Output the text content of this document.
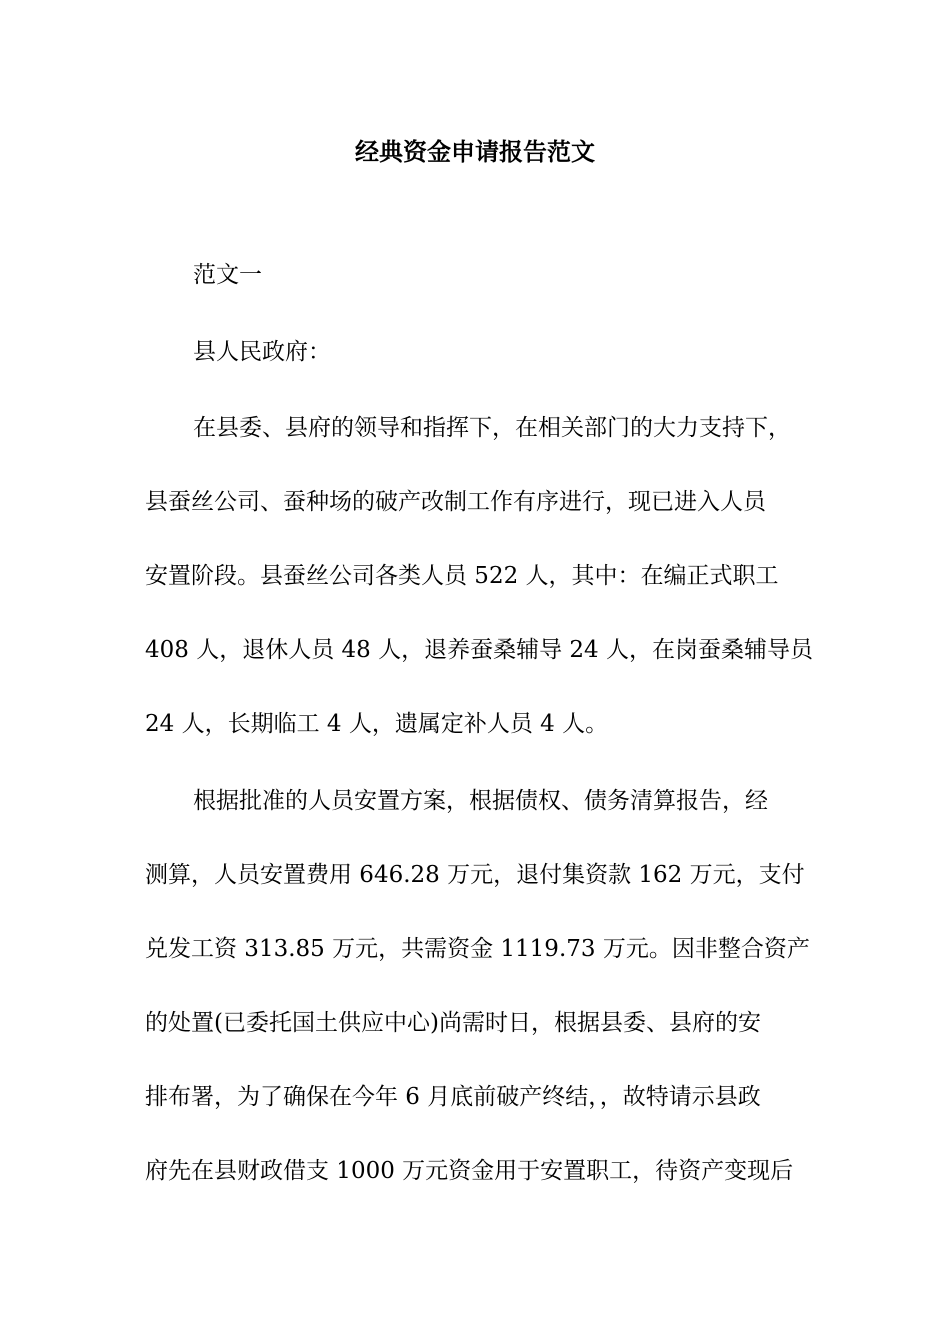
经典资金申请报告范文

范文一

县人民政府：

在县委、县府的领导和指挥下，在相关部门的大力支持下，

县蚕丝公司、蚕种场的破产改制工作有序进行，现已进入人员

安置阶段。县蚕丝公司各类人员 522 人，其中：在编正式职工

408 人，退休人员 48 人，退养蚕桑辅导 24 人，在岗蚕桑辅导员

24 人，长期临工 4 人，遗属定补人员 4 人。

根据批准的人员安置方案，根据债权、债务清算报告，经

测算，人员安置费用 646.28 万元，退付集资款 162 万元，支付

兑发工资 313.85 万元，共需资金 1119.73 万元。因非整合资产

的处置(已委托国土供应中心)尚需时日，根据县委、县府的安

排布署，为了确保在今年 6 月底前破产终结，，故特请示县政

府先在县财政借支 1000 万元资金用于安置职工，待资产变现后
